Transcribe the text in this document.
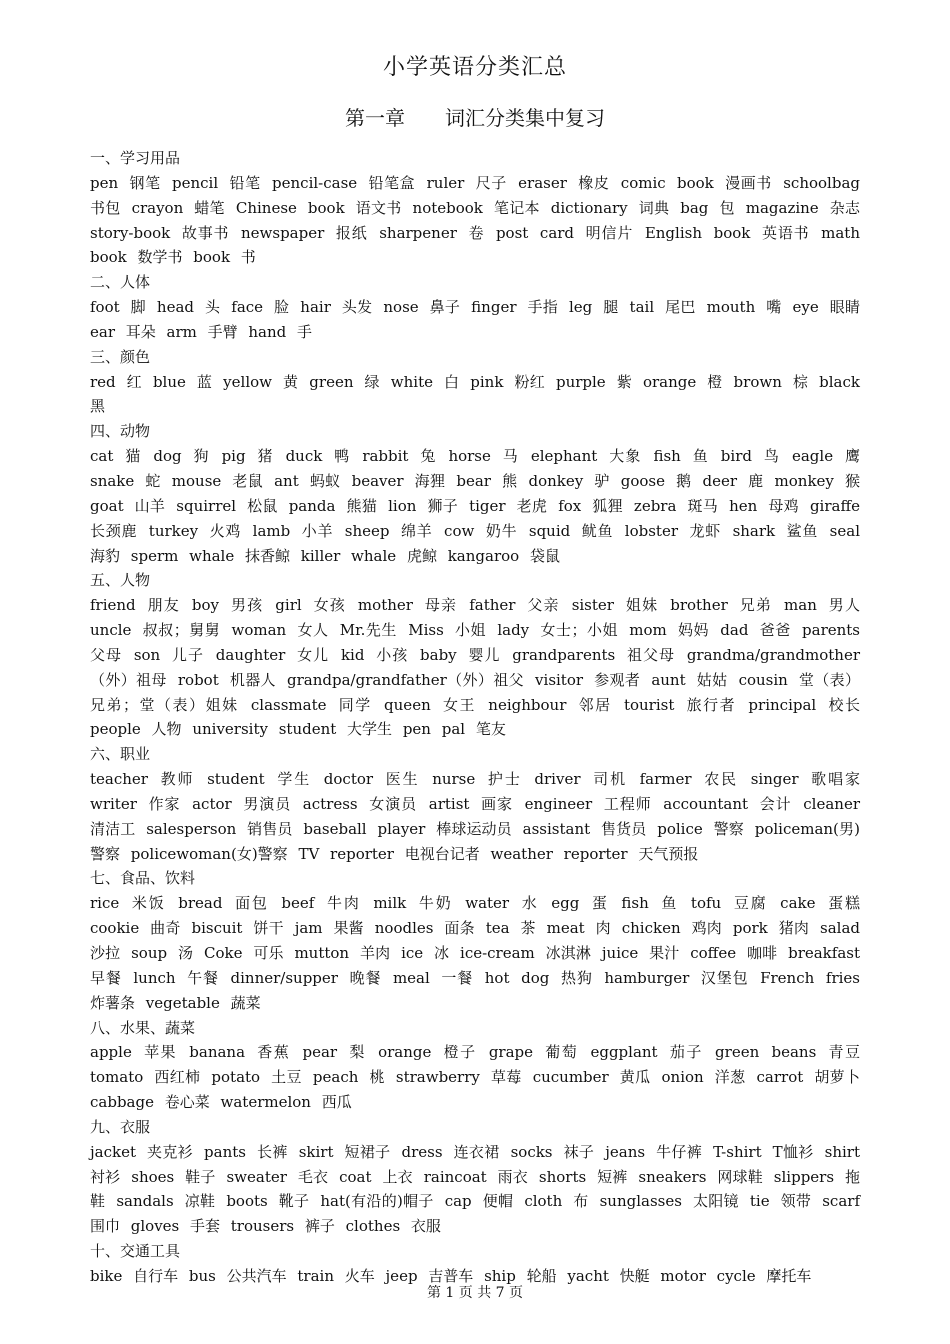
小学英语分类汇总
第一章　　词汇分类集中复习
一、学习用品
pen 钢笔 pencil 铅笔 pencil-case 铅笔盒 ruler 尺子 eraser 橡皮 comic book 漫画书 schoolbag 书包 crayon 蜡笔 Chinese book 语文书 notebook 笔记本 dictionary 词典 bag 包 magazine 杂志 story-book 故事书 newspaper 报纸 sharpener 卷 post card 明信片 English book 英语书 math book 数学书 book 书
二、人体
foot 脚 head 头 face 脸 hair 头发 nose 鼻子 finger 手指 leg 腿 tail 尾巴 mouth 嘴 eye 眼睛 ear 耳朵 arm 手臂 hand 手
三、颜色
red 红 blue 蓝 yellow 黄 green 绿 white 白 pink 粉红 purple 紫 orange 橙 brown 棕 black 黑
四、动物
cat 猫 dog 狗 pig 猪 duck 鸭 rabbit 兔 horse 马 elephant 大象 fish 鱼 bird 鸟 eagle 鹰 snake 蛇 mouse 老鼠 ant 蚂蚁 beaver 海狸 bear 熊 donkey 驴 goose 鹅 deer 鹿 monkey 猴 goat 山羊 squirrel 松鼠 panda 熊猫 lion 狮子 tiger 老虎 fox 狐狸 zebra 斑马 hen 母鸡 giraffe 长颈鹿 turkey 火鸡 lamb 小羊 sheep 绵羊 cow 奶牛 squid 鱿鱼 lobster 龙虾 shark 鲨鱼 seal 海豹 sperm whale 抹香鲸 killer whale 虎鲸 kangaroo 袋鼠
五、人物
friend 朋友 boy 男孩 girl 女孩 mother 母亲 father 父亲 sister 姐妹 brother 兄弟 man 男人 uncle 叔叔；舅舅 woman 女人 Mr.先生 Miss 小姐 lady 女士；小姐 mom 妈妈 dad 爸爸 parents 父母 son 儿子 daughter 女儿 kid 小孩 baby 婴儿 grandparents 祖父母 grandma/grandmother（外）祖母 robot 机器人 grandpa/grandfather（外）祖父 visitor 参观者 aunt 姑姑 cousin 堂（表）兄弟；堂（表）姐妹 classmate 同学 queen 女王 neighbour 邻居 tourist 旅行者 principal 校长 people 人物 university student 大学生 pen pal 笔友
六、职业
teacher 教师 student 学生 doctor 医生 nurse 护士 driver 司机 farmer 农民 singer 歌唱家 writer 作家 actor 男演员 actress 女演员 artist 画家 engineer 工程师 accountant 会计 cleaner 清洁工 salesperson 销售员 baseball player 棒球运动员 assistant 售货员 police 警察 policeman(男)警察 policewoman(女)警察 TV reporter 电视台记者 weather reporter 天气预报
七、食品、饮料
rice 米饭 bread 面包 beef 牛肉 milk 牛奶 water 水 egg 蛋 fish 鱼 tofu 豆腐 cake 蛋糕 cookie 曲奇 biscuit 饼干 jam 果酱 noodles 面条 tea 茶 meat 肉 chicken 鸡肉 pork 猪肉 salad 沙拉 soup 汤 Coke 可乐 mutton 羊肉 ice 冰 ice-cream 冰淇淋 juice 果汁 coffee 咖啡 breakfast 早餐 lunch 午餐 dinner/supper 晚餐 meal 一餐 hot dog 热狗 hamburger 汉堡包 French fries 炸薯条 vegetable 蔬菜
八、水果、蔬菜
apple 苹果 banana 香蕉 pear 梨 orange 橙子 grape 葡萄 eggplant 茄子 green beans 青豆 tomato 西红柿 potato 土豆 peach 桃 strawberry 草莓 cucumber 黄瓜 onion 洋葱 carrot 胡萝卜 cabbage 卷心菜 watermelon 西瓜
九、衣服
jacket 夹克衫 pants 长裤 skirt 短裙子 dress 连衣裙 socks 袜子 jeans 牛仔裤 T-shirt T恤衫 shirt 衬衫 shoes 鞋子 sweater 毛衣 coat 上衣 raincoat 雨衣 shorts 短裤 sneakers 网球鞋 slippers 拖鞋 sandals 凉鞋 boots 靴子 hat(有沿的)帽子 cap 便帽 cloth 布 sunglasses 太阳镜 tie 领带 scarf 围巾 gloves 手套 trousers 裤子 clothes 衣服
十、交通工具
bike 自行车 bus 公共汽车 train 火车 jeep 吉普车 ship 轮船 yacht 快艇 motor cycle 摩托车
第 1 页 共 7 页
